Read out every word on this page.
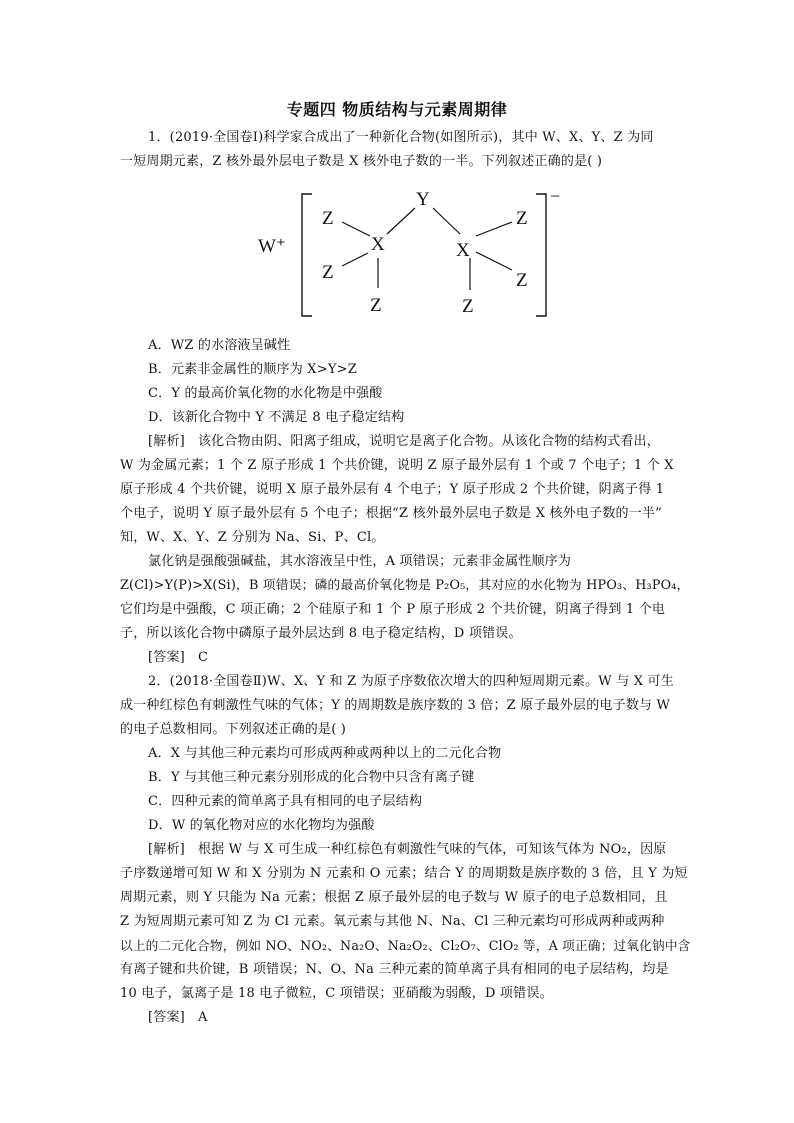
专题四 物质结构与元素周期律
1．(2019·全国卷Ⅰ)科学家合成出了一种新化合物(如图所示)，其中 W、X、Y、Z 为同
一短周期元素，Z 核外最外层电子数是 X 核外电子数的一半。下列叙述正确的是( )
W⁺
−
Y
Z
Z
X
Z
X
Z
Z
Z
A．WZ 的水溶液呈碱性
B．元素非金属性的顺序为 X>Y>Z
C．Y 的最高价氧化物的水化物是中强酸
D．该新化合物中 Y 不满足 8 电子稳定结构
[解析] 该化合物由阴、阳离子组成，说明它是离子化合物。从该化合物的结构式看出，
W 为金属元素；1 个 Z 原子形成 1 个共价键，说明 Z 原子最外层有 1 个或 7 个电子；1 个 X
原子形成 4 个共价键，说明 X 原子最外层有 4 个电子；Y 原子形成 2 个共价键，阴离子得 1
个电子，说明 Y 原子最外层有 5 个电子；根据“Z 核外最外层电子数是 X 核外电子数的一半”
知，W、X、Y、Z 分别为 Na、Si、P、Cl。
氯化钠是强酸强碱盐，其水溶液呈中性，A 项错误；元素非金属性顺序为
Z(Cl)>Y(P)>X(Si)，B 项错误；磷的最高价氧化物是 P₂O₅，其对应的水化物为 HPO₃、H₃PO₄，
它们均是中强酸，C 项正确；2 个硅原子和 1 个 P 原子形成 2 个共价键，阴离子得到 1 个电
子，所以该化合物中磷原子最外层达到 8 电子稳定结构，D 项错误。
[答案] C
2．(2018·全国卷Ⅱ)W、X、Y 和 Z 为原子序数依次增大的四种短周期元素。W 与 X 可生
成一种红棕色有刺激性气味的气体；Y 的周期数是族序数的 3 倍；Z 原子最外层的电子数与 W
的电子总数相同。下列叙述正确的是( )
A．X 与其他三种元素均可形成两种或两种以上的二元化合物
B．Y 与其他三种元素分别形成的化合物中只含有离子键
C．四种元素的简单离子具有相同的电子层结构
D．W 的氧化物对应的水化物均为强酸
[解析] 根据 W 与 X 可生成一种红棕色有刺激性气味的气体，可知该气体为 NO₂，因原
子序数递增可知 W 和 X 分别为 N 元素和 O 元素；结合 Y 的周期数是族序数的 3 倍，且 Y 为短
周期元素，则 Y 只能为 Na 元素；根据 Z 原子最外层的电子数与 W 原子的电子总数相同，且
Z 为短周期元素可知 Z 为 Cl 元素。氧元素与其他 N、Na、Cl 三种元素均可形成两种或两种
以上的二元化合物，例如 NO、NO₂、Na₂O、Na₂O₂、Cl₂O₇、ClO₂ 等，A 项正确；过氧化钠中含
有离子键和共价键，B 项错误；N、O、Na 三种元素的简单离子具有相同的电子层结构，均是
10 电子，氯离子是 18 电子微粒，C 项错误；亚硝酸为弱酸，D 项错误。
[答案] A
